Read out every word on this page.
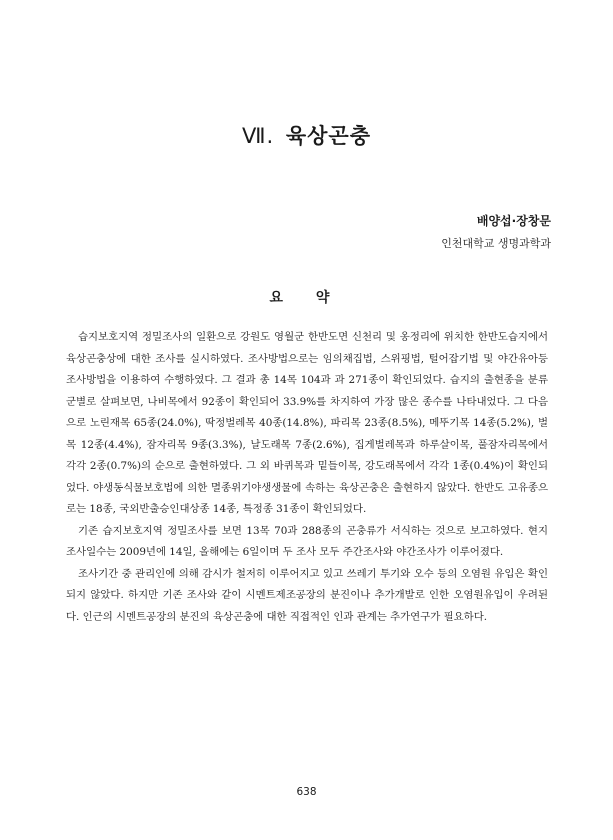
Ⅶ. 육상곤충
배양섭·장창문
인천대학교 생명과학과
요 약

습지보호지역 정밀조사의 일환으로 강원도 영월군 한반도면 신천리 및 옹정리에 위치한 한반도습지에서 육상곤충상에 대한 조사를 실시하였다. 조사방법으로는 임의채집법, 스위핑법, 털어잡기법 및 야간유아등 조사방법을 이용하여 수행하였다. 그 결과 총 14목 104과 과 271종이 확인되었다. 습지의 출현종을 분류군별로 살펴보면, 나비목에서 92종이 확인되어 33.9%를 차지하여 가장 많은 종수를 나타내었다. 그 다음으로 노린재목 65종(24.0%), 딱정벌레목 40종(14.8%), 파리목 23종(8.5%), 메뚜기목 14종(5.2%), 벌목 12종(4.4%), 잠자리목 9종(3.3%), 날도래목 7종(2.6%), 집게벌레목과 하루살이목, 풀잠자리목에서 각각 2종(0.7%)의 순으로 출현하였다. 그 외 바퀴목과 밑들이목, 강도래목에서 각각 1종(0.4%)이 확인되었다. 야생동식물보호법에 의한 멸종위기야생생물에 속하는 육상곤충은 출현하지 않았다. 한반도 고유종으로는 18종, 국외반출승인대상종 14종, 특정종 31종이 확인되었다.

기존 습지보호지역 정밀조사를 보면 13목 70과 288종의 곤충류가 서식하는 것으로 보고하였다. 현지 조사일수는 2009년에 14일, 올해에는 6일이며 두 조사 모두 주간조사와 야간조사가 이루어졌다.

조사기간 중 관리인에 의해 감시가 철저히 이루어지고 있고 쓰레기 투기와 오수 등의 오염원 유입은 확인되지 않았다. 하지만 기존 조사와 같이 시멘트제조공장의 분진이나 추가개발로 인한 오염원유입이 우려된다. 인근의 시멘트공장의 분진의 육상곤충에 대한 직접적인 인과 관계는 추가연구가 필요하다.

638
